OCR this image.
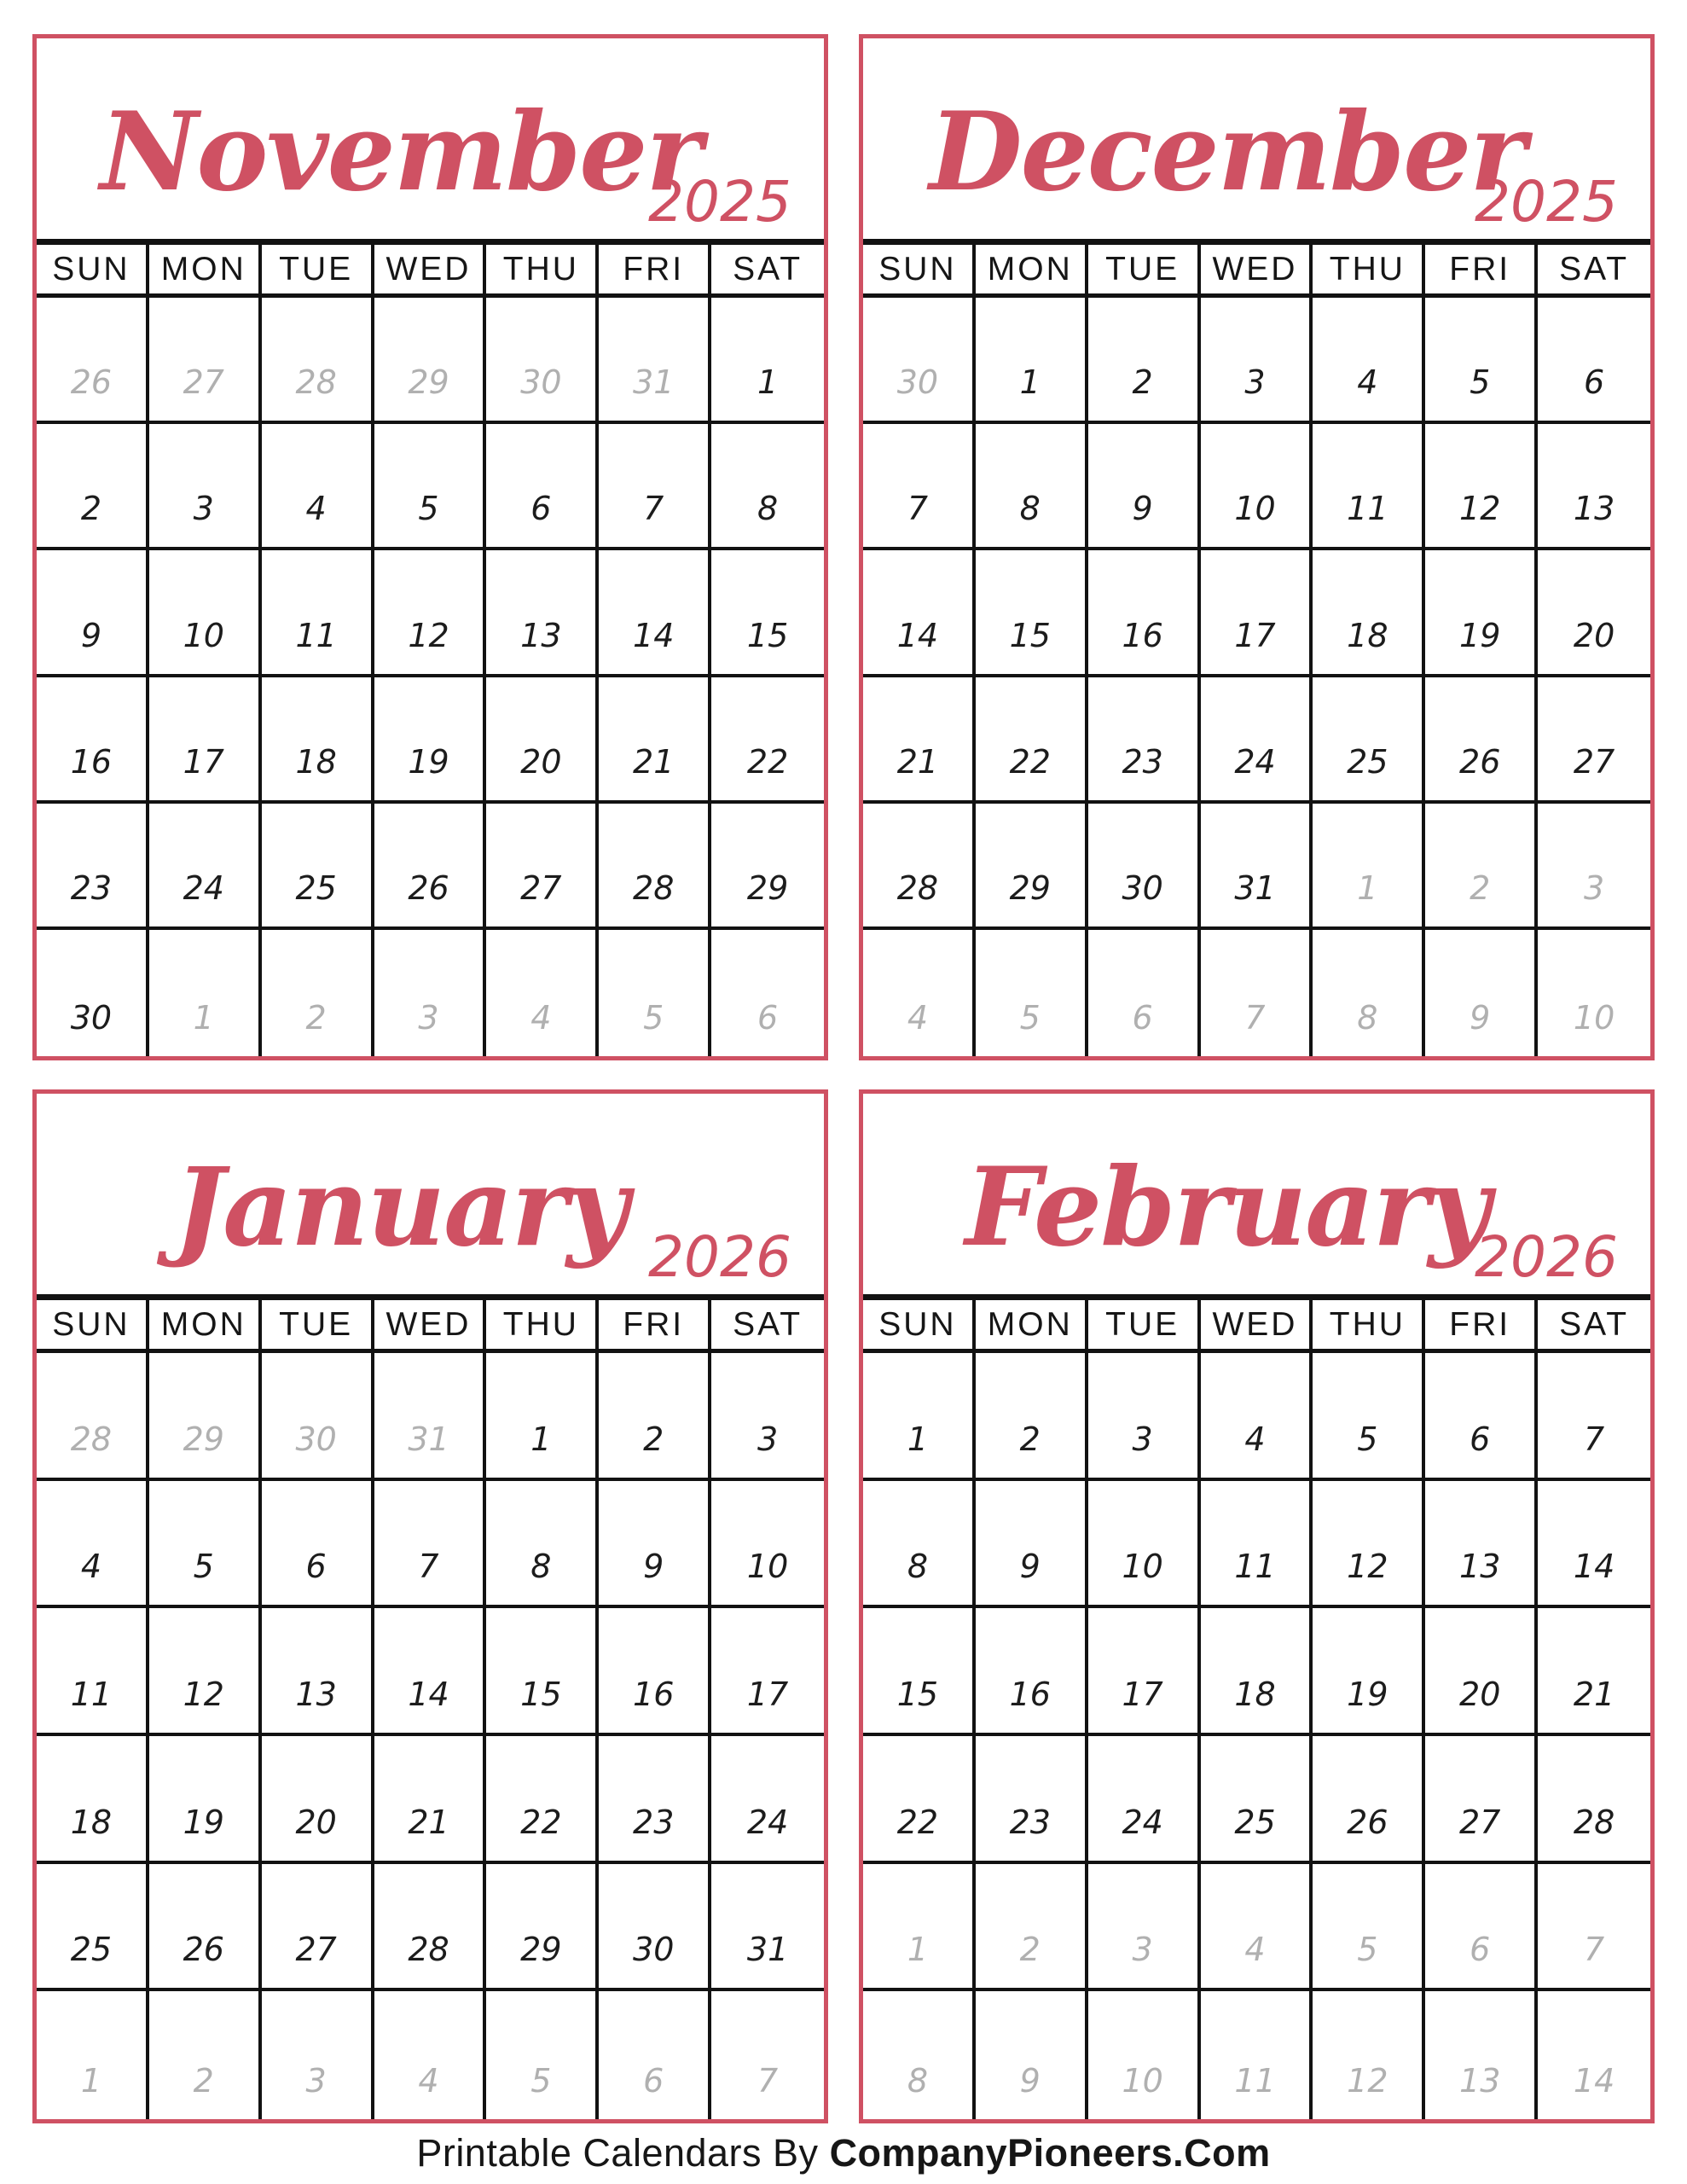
November
2025
SUN MON TUE WED THU	FRI	SAT
26 27 28 29 30 31	1
2	3	4	5	6	7	8
9	10 11 12 13 14 15
16 17 18 19 20 21 22
23 24 25 26 27 28 29
30	1	2	3	4	5	6
December
2025
SUN MON TUE WED THU	FRI	SAT
30	1	2	3	4	5	6
7	8	9	10 11 12 13
14 15 16 17 18 19 20
21 22 23 24 25 26 27
28 29 30 31	1	2	3
4	5	6	7	8	9	10
January 2026
SUN MON TUE WED THU	FRI	SAT
28 29 30 31	1	2	3
4	5	6	7	8	9	10
11 12 13 14 15 16 17
18 19 20 21 22 23 24
25 26 27 28 29 30 31
1	2	3	4	5	6	7
February
2026
SUN MON TUE WED THU	FRI	SAT
1	2	3	4	5	6	7
8	9	10 11 12 13 14
15 16 17 18 19 20 21
22 23 24 25 26 27 28
1	2	3	4	5	6	7
8	9	10 11 12 13 14
Printable Calendars By CompanyPioneers.Com
